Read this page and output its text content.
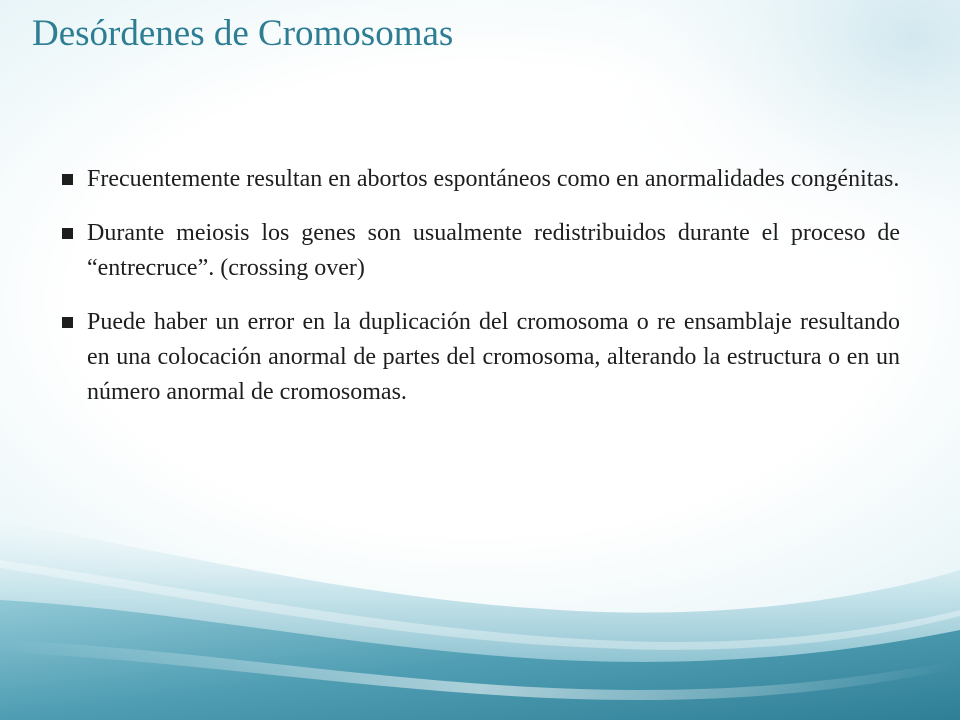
Desórdenes de Cromosomas
Frecuentemente resultan en abortos espontáneos como en anormalidades congénitas.
Durante meiosis los genes son usualmente redistribuidos durante el proceso de “entrecruce”. (crossing over)
Puede haber un error en la duplicación del cromosoma o re ensamblaje resultando en una colocación anormal de partes del cromosoma, alterando la estructura o en un número anormal de cromosomas.
